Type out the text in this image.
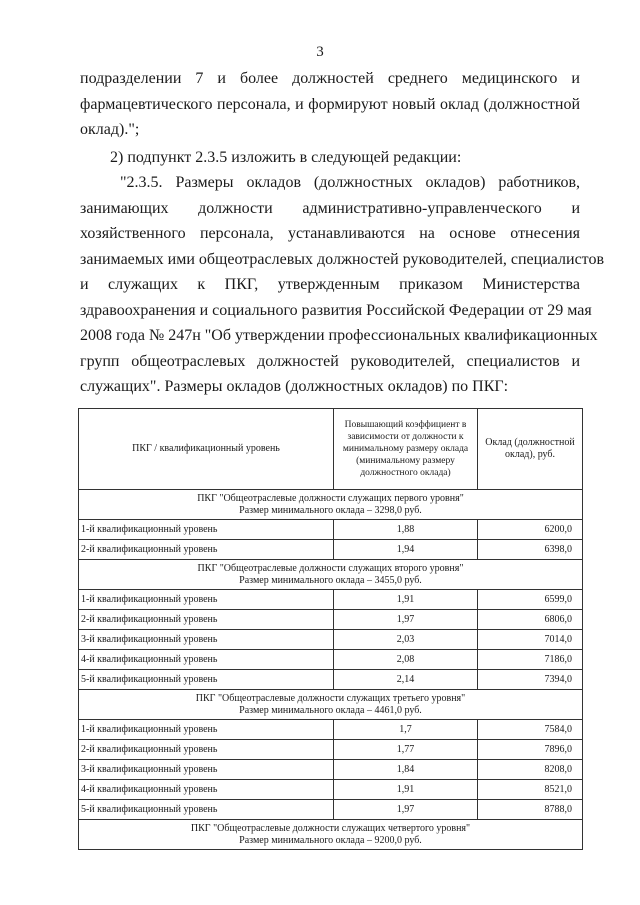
3
подразделении 7 и более должностей среднего медицинского и
фармацевтического персонала, и формируют новый оклад (должностной
оклад).";
2) подпункт 2.3.5 изложить в следующей редакции:
"2.3.5. Размеры окладов (должностных окладов) работников,
занимающих должности административно-управленческого и
хозяйственного персонала, устанавливаются на основе отнесения
занимаемых ими общеотраслевых должностей руководителей, специалистов
и служащих к ПКГ, утвержденным приказом Министерства
здравоохранения и социального развития Российской Федерации от 29 мая
2008 года № 247н "Об утверждении профессиональных квалификационных
групп общеотраслевых должностей руководителей, специалистов и
служащих". Размеры окладов (должностных окладов) по ПКГ:
ПКГ / квалификационный уровень	Повышающий коэффициент в зависимости от должности к минимальному размеру оклада (минимальному размеру должностного оклада)	Оклад (должностной оклад), руб.

ПКГ "Общеотраслевые должности служащих первого уровня"
Размер минимального оклада – 3298,0 руб.		

1-й квалификационный уровень	1,88	6200,0
2-й квалификационный уровень	1,94	6398,0

ПКГ "Общеотраслевые должности служащих второго уровня"
Размер минимального оклада – 3455,0 руб.		

1-й квалификационный уровень	1,91	6599,0
2-й квалификационный уровень	1,97	6806,0
3-й квалификационный уровень	2,03	7014,0
4-й квалификационный уровень	2,08	7186,0
5-й квалификационный уровень	2,14	7394,0

ПКГ "Общеотраслевые должности служащих третьего уровня"
Размер минимального оклада – 4461,0 руб.		

1-й квалификационный уровень	1,7	7584,0
2-й квалификационный уровень	1,77	7896,0
3-й квалификационный уровень	1,84	8208,0
4-й квалификационный уровень	1,91	8521,0
5-й квалификационный уровень	1,97	8788,0

ПКГ "Общеотраслевые должности служащих четвертого уровня"
Размер минимального оклада – 9200,0 руб.		
